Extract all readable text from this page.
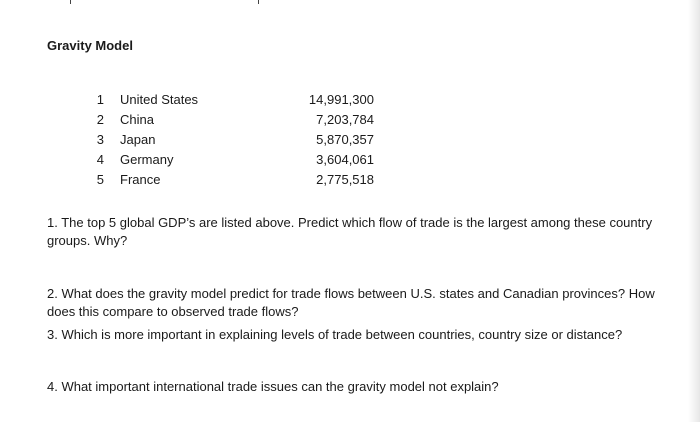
Gravity Model
1	United States	14,991,300
2	China	7,203,784
3	Japan	5,870,357
4	Germany	3,604,061
5	France	2,775,518

1. The top 5 global GDP’s are listed above. Predict which flow of trade is the largest among these country groups. Why?

2. What does the gravity model predict for trade flows between U.S. states and Canadian provinces? How does this compare to observed trade flows?

3. Which is more important in explaining levels of trade between countries, country size or distance?

4. What important international trade issues can the gravity model not explain?
